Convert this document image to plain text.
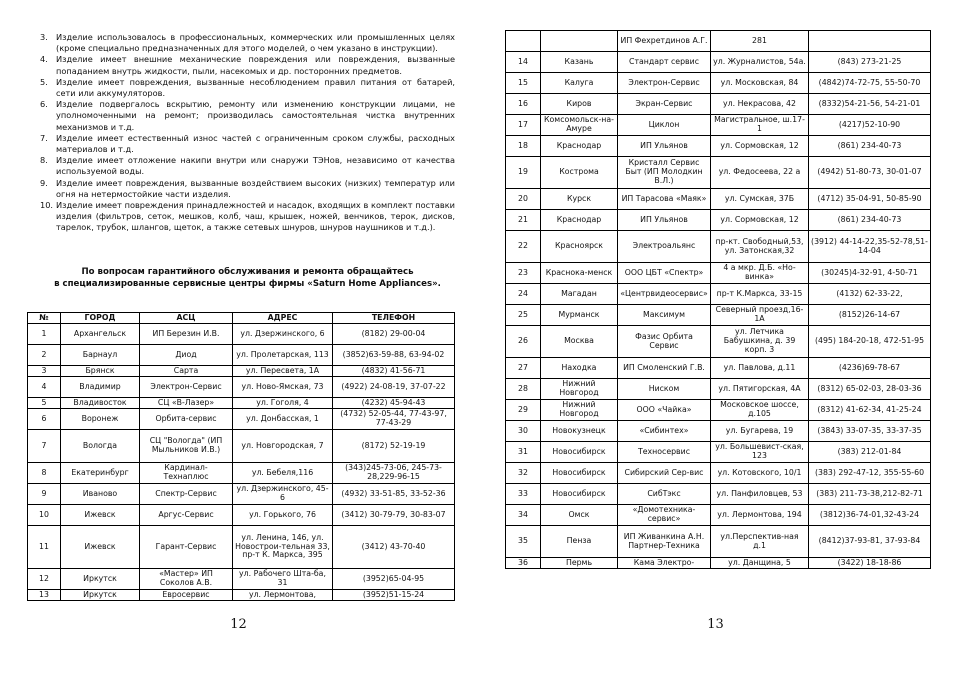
3. Изделие использовалось в профессиональных, коммерческих или промышленных целях (кроме специально предназначенных для этого моделей, о чем указано в инструкции).
4. Изделие имеет внешние механические повреждения или повреждения, вызванные попаданием внутрь жидкости, пыли, насекомых и др. посторонних предметов.
5. Изделие имеет повреждения, вызванные несоблюдением правил питания от батарей, сети или аккумуляторов.
6. Изделие подвергалось вскрытию, ремонту или изменению конструкции лицами, не уполномоченными на ремонт; производилась самостоятельная чистка внутренних механизмов и т.д.
7. Изделие имеет естественный износ частей с ограниченным сроком службы, расходных материалов и т.д.
8. Изделие имеет отложение накипи внутри или снаружи ТЭНов, независимо от качества используемой воды.
9. Изделие имеет повреждения, вызванные воздействием высоких (низких) температур или огня на нетермостойкие части изделия.
10. Изделие имеет повреждения принадлежностей и насадок, входящих в комплект поставки изделия (фильтров, сеток, мешков, колб, чаш, крышек, ножей, венчиков, терок, дисков, тарелок, трубок, шлангов, щеток, а также сетевых шнуров, шнуров наушников и т.д.).
По вопросам гарантийного обслуживания и ремонта обращайтесь
в специализированные сервисные центры фирмы «Saturn Home Appliances».
№	ГОРОД	АСЦ	АДРЕС	ТЕЛЕФОН
1	Архангельск	ИП Березин И.В.	ул. Дзержинского, 6	(8182) 29-00-04
2	Барнаул	Диод	ул. Пролетарская, 113	(3852)63-59-88, 63-94-02
3	Брянск	Сарта	ул. Пересвета, 1А	(4832) 41-56-71
4	Владимир	Электрон-Сервис	ул. Ново-Ямская, 73	(4922) 24-08-19, 37-07-22
5	Владивосток	СЦ «В-Лазер»	ул. Гоголя, 4	(4232) 45-94-43
6	Воронеж	Орбита-сервис	ул. Донбасская, 1	(4732) 52-05-44, 77-43-97, 77-43-29
7	Вологда	СЦ "Вологда" (ИП Мыльников И.В.)	ул. Новгородская, 7	(8172) 52-19-19
8	Екатеринбург	Кардинал-Технаплюс	ул. Бебеля,116	(343)245-73-06, 245-73-28,229-96-15
9	Иваново	Спектр-Сервис	ул. Дзержинского, 45-6	(4932) 33-51-85, 33-52-36
10	Ижевск	Аргус-Сервис	ул. Горького, 76	(3412) 30-79-79, 30-83-07
11	Ижевск	Гарант-Сервис	ул. Ленина, 146, ул. Новострои-тельная 33, пр-т К. Маркса, 395	(3412) 43-70-40
12	Иркутск	«Мастер» ИП Соколов А.В.	ул. Рабочего Шта-ба, 31	(3952)65-04-95
13	Иркутск	Евросервис	ул. Лермонтова,	(3952)51-15-24
12
		ИП Фехретдинов А.Г.	281	
14	Казань	Стандарт сервис	ул. Журналистов, 54а.	(843) 273-21-25
15	Калуга	Электрон-Сервис	ул. Московская, 84	(4842)74-72-75, 55-50-70
16	Киров	Экран-Сервис	ул. Некрасова, 42	(8332)54-21-56, 54-21-01
17	Комсомольск-на-Амуре	Циклон	Магистральное, ш.17-1	(4217)52-10-90
18	Краснодар	ИП Ульянов	ул. Сормовская, 12	(861) 234-40-73
19	Кострома	Кристалл Сервис Быт (ИП Молодкин В.Л.)	ул. Федосеева, 22 а	(4942) 51-80-73, 30-01-07
20	Курск	ИП Тарасова «Маяк»	ул. Сумская, 37Б	(4712) 35-04-91, 50-85-90
21	Краснодар	ИП Ульянов	ул. Сормовская, 12	(861) 234-40-73
22	Красноярск	Электроальянс	пр-кт. Свободный,53, ул. Затонская,32	(3912) 44-14-22,35-52-78,51-14-04
23	Краснока-менск	ООО ЦБТ «Спектр»	4 а мкр. Д.Б. «Но-винка»	(30245)4-32-91, 4-50-71
24	Магадан	«Центрвидеосервис»	пр-т К.Маркса, 33-15	(4132) 62-33-22,
25	Мурманск	Максимум	Северный проезд,16-1А	(8152)26-14-67
26	Москва	Фазис Орбита Сервис	ул. Летчика Бабушкина, д. 39 корп. 3	(495) 184-20-18, 472-51-95
27	Находка	ИП Смоленский Г.В.	ул. Павлова, д.11	(4236)69-78-67
28	Нижний Новгород	Ниском	ул. Пятигорская, 4А	(8312) 65-02-03, 28-03-36
29	Нижний Новгород	ООО «Чайка»	Московское шоссе, д.105	(8312) 41-62-34, 41-25-24
30	Новокузнецк	«Сибинтех»	ул. Бугарева, 19	(3843) 33-07-35, 33-37-35
31	Новосибирск	Техносервис	ул. Большевист-ская, 123	(383) 212-01-84
32	Новосибирск	Сибирский Сер-вис	ул. Котовского, 10/1	(383) 292-47-12, 355-55-60
33	Новосибирск	СибТэкс	ул. Панфиловцев, 53	(383) 211-73-38,212-82-71
34	Омск	«Домотехника-сервис»	ул. Лермонтова, 194	(3812)36-74-01,32-43-24
35	Пенза	ИП Живанкина А.Н. Партнер-Техника	ул.Перспектив-ная д.1	(8412)37-93-81, 37-93-84
36	Пермь	Кама Электро-	ул. Данщина, 5	(3422) 18-18-86
13
